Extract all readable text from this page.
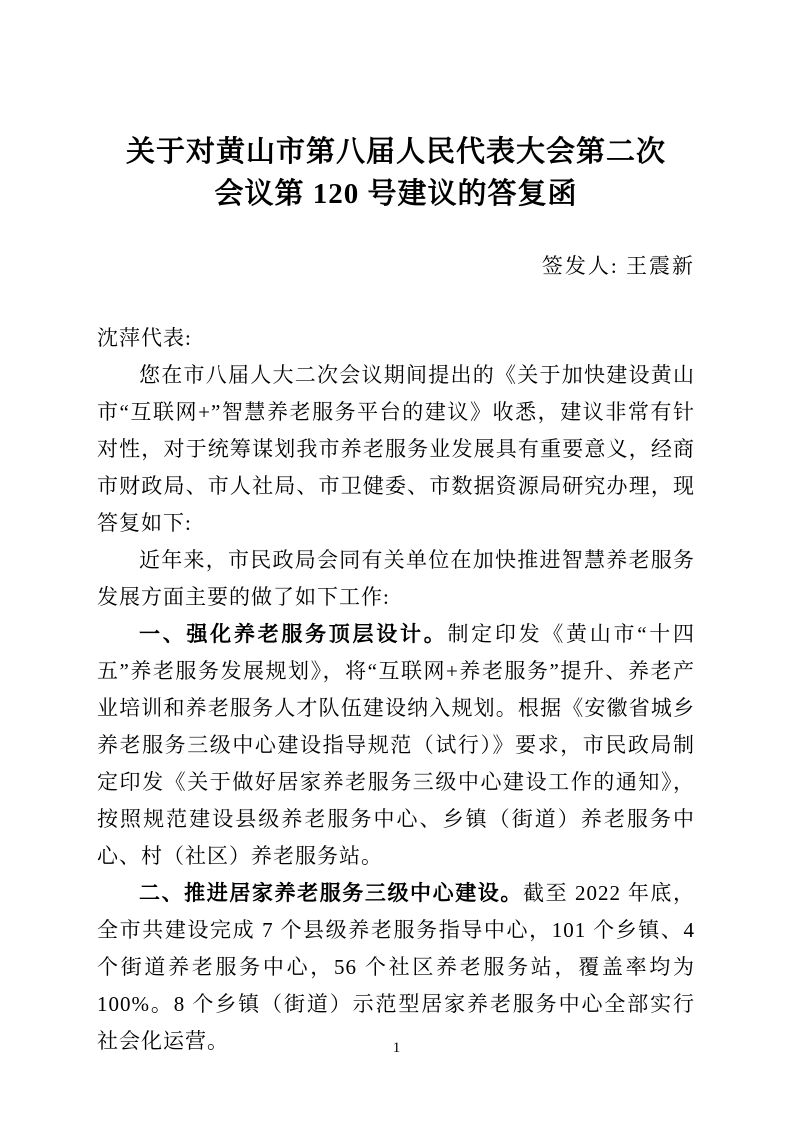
关于对黄山市第八届人民代表大会第二次
会议第 120 号建议的答复函
签发人: 王震新

沈萍代表:

您在市八届人大二次会议期间提出的《关于加快建设黄山市“互联网+”智慧养老服务平台的建议》收悉，建议非常有针对性，对于统筹谋划我市养老服务业发展具有重要意义，经商市财政局、市人社局、市卫健委、市数据资源局研究办理，现答复如下:

近年来，市民政局会同有关单位在加快推进智慧养老服务发展方面主要的做了如下工作:

一、强化养老服务顶层设计。制定印发《黄山市“十四五”养老服务发展规划》，将“互联网+养老服务”提升、养老产业培训和养老服务人才队伍建设纳入规划。根据《安徽省城乡养老服务三级中心建设指导规范（试行）》要求，市民政局制定印发《关于做好居家养老服务三级中心建设工作的通知》，按照规范建设县级养老服务中心、乡镇（街道）养老服务中心、村（社区）养老服务站。

二、推进居家养老服务三级中心建设。截至 2022 年底，全市共建设完成 7 个县级养老服务指导中心，101 个乡镇、4 个街道养老服务中心，56 个社区养老服务站，覆盖率均为 100%。8 个乡镇（街道）示范型居家养老服务中心全部实行社会化运营。	1
